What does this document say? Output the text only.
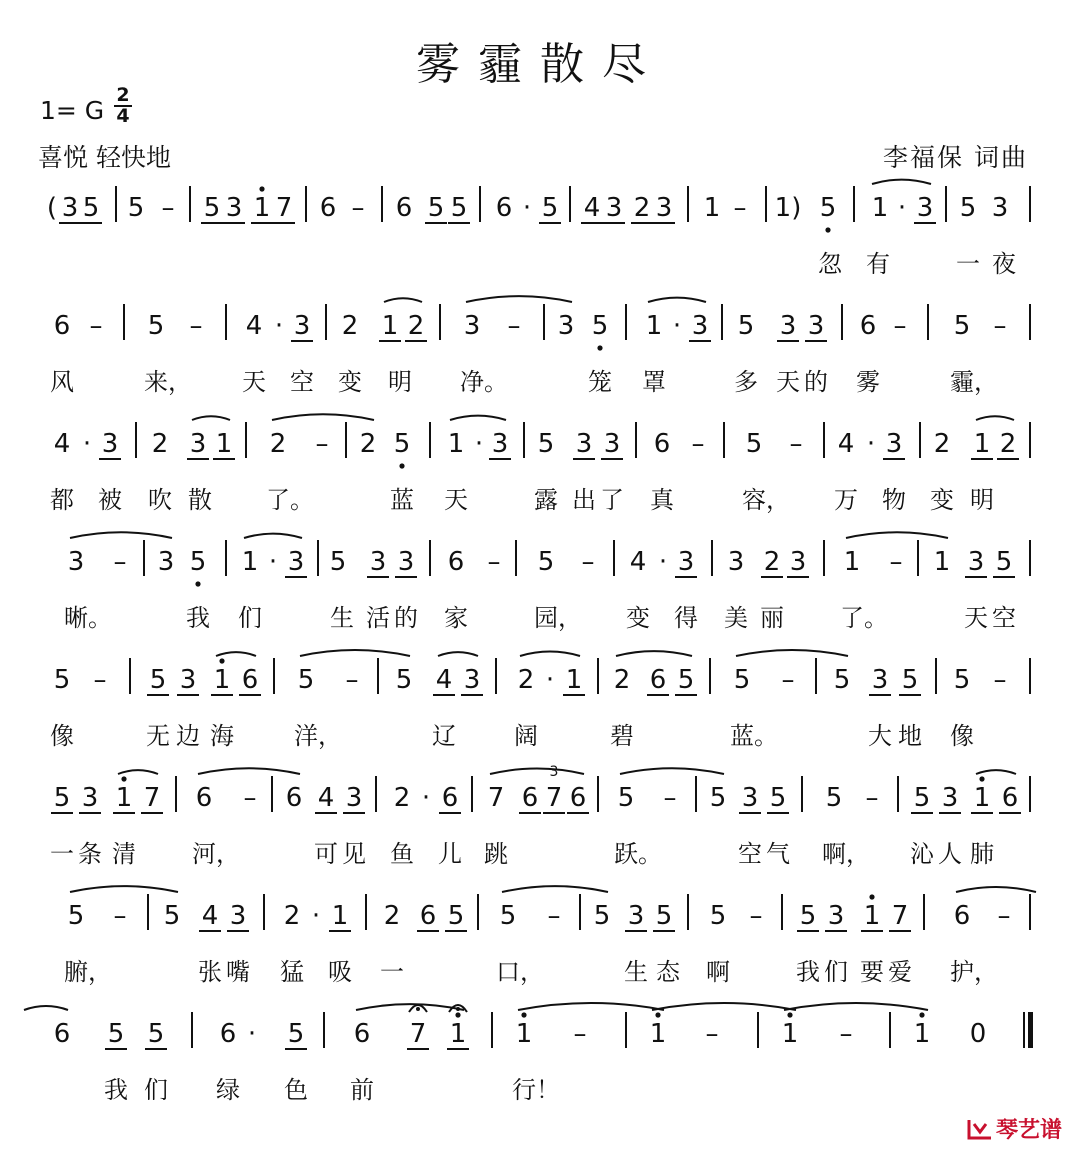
雾霾散尽
1= G
2
4
喜悦 轻快地	李福保 词曲
( 3 5 5 – 5 3 1 7 6 – 6 5 5 6 · 5 4 3 2 3 1 – 1) 5 1 · 3 5 3
忽 有	一 夜
6 – 5 – 4 · 3 2 1 2 3 – 3 5 1 · 3 5 3 3 6 – 5 –
风	来， 天 空 变 明 净。	笼 罩	多 天 的 雾	霾，
4 · 3 2 3 1 2 – 2 5 1 · 3 5 3 3 6 – 5 – 4 · 3 2 1 2
都 被 吹 散 了。	蓝 天	露 出 了 真	容， 万 物 变 明
3 – 3 5 1 · 3 5 3 3 6 – 5 – 4 · 3 3 2 3 1 – 1 3 5
晰。	我 们	生 活 的 家	园， 变 得 美 丽 了。	天 空
5 – 5 3 1 6 5 – 5 4 3 2 · 1 2 6 5 5 – 5 3 5 5 –
像	无 边 海	洋，	辽 阔	碧	蓝。	大 地 像
5 3 1 7 6 – 6 4 3 2 · 6 7 6 7 6 5 – 5 3 5 5 – 5 3 1 6
3
一 条 清 河，	可 见 鱼 儿 跳	跃。	空 气 啊， 沁 人 肺
5 – 5 4 3 2 · 1 2 6 5 5 – 5 3 5 5 – 5 3 1 7 6 –
腑，	张 嘴 猛 吸 一	口，	生 态 啊	我 们 要 爱 护，
6 5 5 6 · 5 6 7 1 1 – 1 – 1 – 1 0
我 们 绿 色 前	行！
琴艺谱
